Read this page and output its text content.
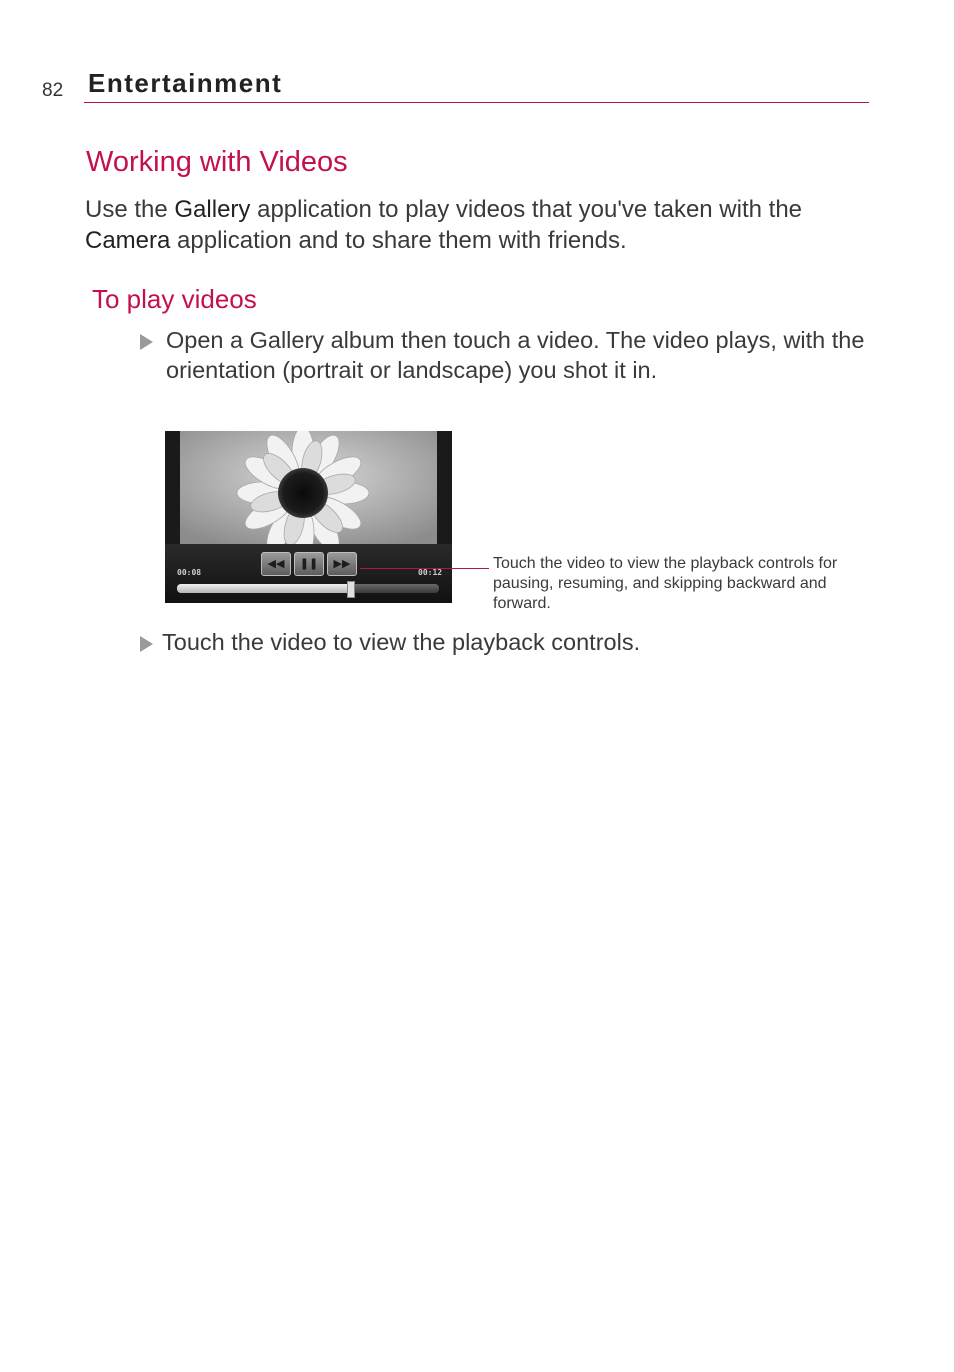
82 Entertainment
Working with Videos
Use the Gallery application to play videos that you've taken with the Camera application and to share them with friends.
To play videos
Open a Gallery album then touch a video. The video plays, with the orientation (portrait or landscape) you shot it in.
◀◀	❚❚	▶▶
00:08	00:12
Touch the video to view the playback controls for pausing, resuming, and skipping backward and forward.
Touch the video to view the playback controls.
